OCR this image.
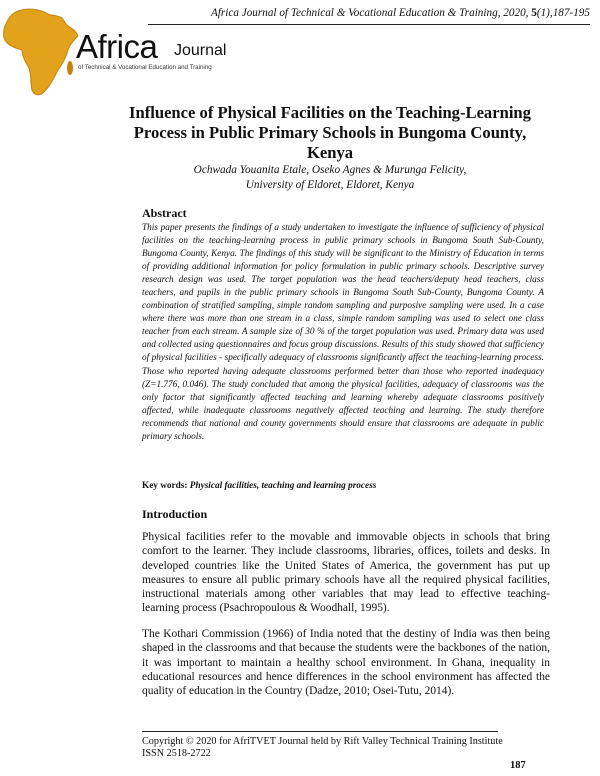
Africa Journal of Technical & Vocational Education & Training, 2020, 5(1),187-195
Africa Journal
of Technical & Vocational Education and Training
Influence of Physical Facilities on the Teaching-Learning Process in Public Primary Schools in Bungoma County, Kenya
Ochwada Youanita Etale, Oseko Agnes & Murunga Felicity,
University of Eldoret, Eldoret, Kenya
Abstract
This paper presents the findings of a study undertaken to investigate the influence of sufficiency of physical facilities on the teaching-learning process in public primary schools in Bungoma South Sub-County, Bungoma County, Kenya. The findings of this study will be significant to the Ministry of Education in terms of providing additional information for policy formulation in public primary schools. Descriptive survey research design was used. The target population was the head teachers/deputy head teachers, class teachers, and pupils in the public primary schools in Bungoma South Sub-County, Bungoma County. A combination of stratified sampling, simple random sampling and purposive sampling were used. In a case where there was more than one stream in a class, simple random sampling was used to select one class teacher from each stream. A sample size of 30 % of the target population was used. Primary data was used and collected using questionnaires and focus group discussions. Results of this study showed that sufficiency of physical facilities - specifically adequacy of classrooms significantly affect the teaching-learning process. Those who reported having adequate classrooms performed better than those who reported inadequacy (Z=1.776, 0.046). The study concluded that among the physical facilities, adequacy of classrooms was the only factor that significantly affected teaching and learning whereby adequate classrooms positively affected, while inadequate classrooms negatively affected teaching and learning. The study therefore recommends that national and county governments should ensure that classrooms are adequate in public primary schools.
Key words: Physical facilities, teaching and learning process
Introduction
Physical facilities refer to the movable and immovable objects in schools that bring comfort to the learner. They include classrooms, libraries, offices, toilets and desks. In developed countries like the United States of America, the government has put up measures to ensure all public primary schools have all the required physical facilities, instructional materials among other variables that may lead to effective teaching-learning process (Psachropoulous & Woodhall, 1995).
The Kothari Commission (1966) of India noted that the destiny of India was then being shaped in the classrooms and that because the students were the backbones of the nation, it was important to maintain a healthy school environment. In Ghana, inequality in educational resources and hence differences in the school environment has affected the quality of education in the Country (Dadze, 2010; Osei-Tutu, 2014).
Copyright © 2020 for AfriTVET Journal held by Rift Valley Technical Training Institute
ISSN 2518-2722
187
